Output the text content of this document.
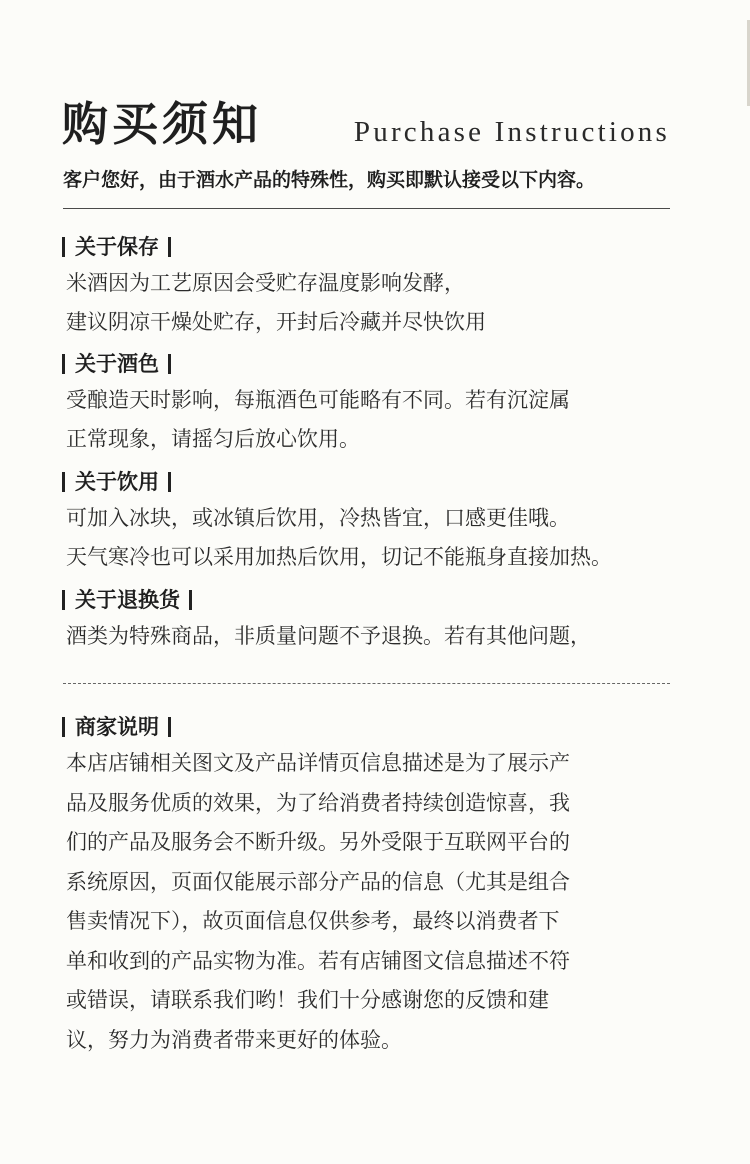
购买须知	Purchase Instructions
客户您好，由于酒水产品的特殊性，购买即默认接受以下内容。
关于保存
米酒因为工艺原因会受贮存温度影响发酵，
建议阴凉干燥处贮存，开封后冷藏并尽快饮用
关于酒色
受酿造天时影响，每瓶酒色可能略有不同。若有沉淀属
正常现象，请摇匀后放心饮用。
关于饮用
可加入冰块，或冰镇后饮用，冷热皆宜，口感更佳哦。
天气寒冷也可以采用加热后饮用，切记不能瓶身直接加热。
关于退换货
酒类为特殊商品，非质量问题不予退换。若有其他问题，
商家说明
本店店铺相关图文及产品详情页信息描述是为了展示产
品及服务优质的效果，为了给消费者持续创造惊喜，我
们的产品及服务会不断升级。另外受限于互联网平台的
系统原因，页面仅能展示部分产品的信息（尤其是组合
售卖情况下），故页面信息仅供参考，最终以消费者下
单和收到的产品实物为准。若有店铺图文信息描述不符
或错误，请联系我们哟！我们十分感谢您的反馈和建
议，努力为消费者带来更好的体验。
